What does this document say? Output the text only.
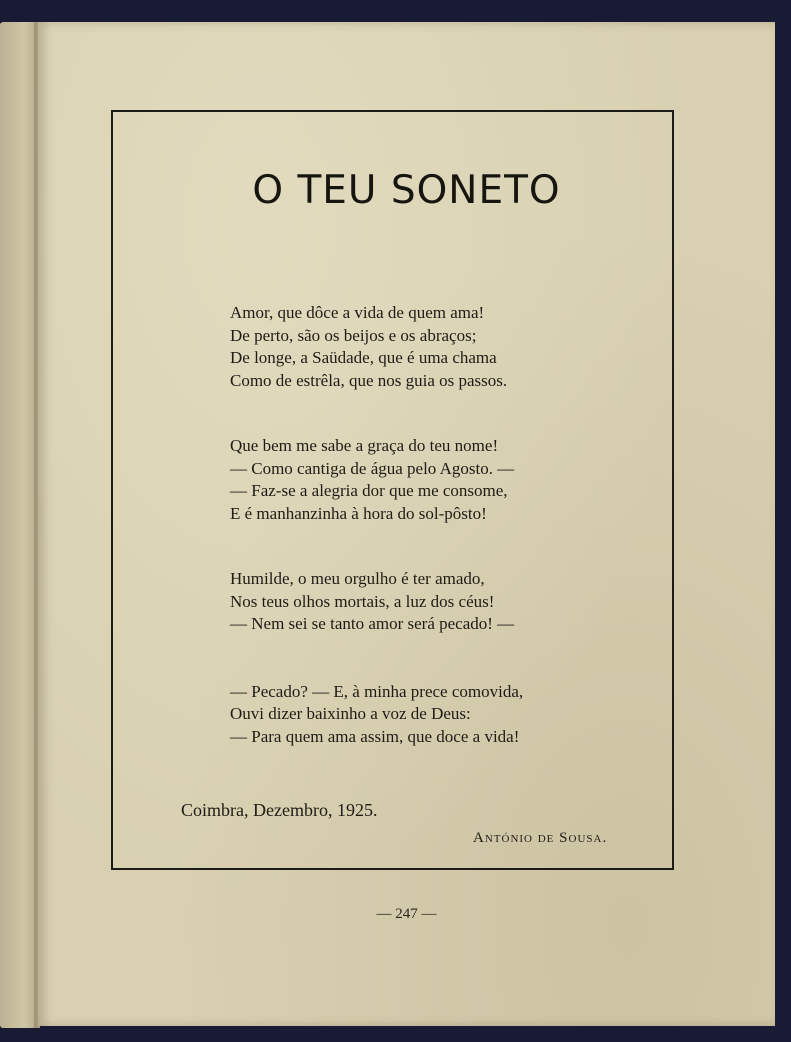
O TEU SONETO
Amor, que dôce a vida de quem ama!
De perto, são os beijos e os abraços;
De longe, a Saüdade, que é uma chama
Como de estrêla, que nos guia os passos.
Que bem me sabe a graça do teu nome!
— Como cantiga de água pelo Agosto. —
— Faz-se a alegria dor que me consome,
E é manhanzinha à hora do sol-pôsto!
Humilde, o meu orgulho é ter amado,
Nos teus olhos mortais, a luz dos céus!
— Nem sei se tanto amor será pecado! —
— Pecado? — E, à minha prece comovida,
Ouvi dizer baixinho a voz de Deus:
— Para quem ama assim, que doce a vida!
Coimbra, Dezembro, 1925.
António de Sousa.
— 247 —
